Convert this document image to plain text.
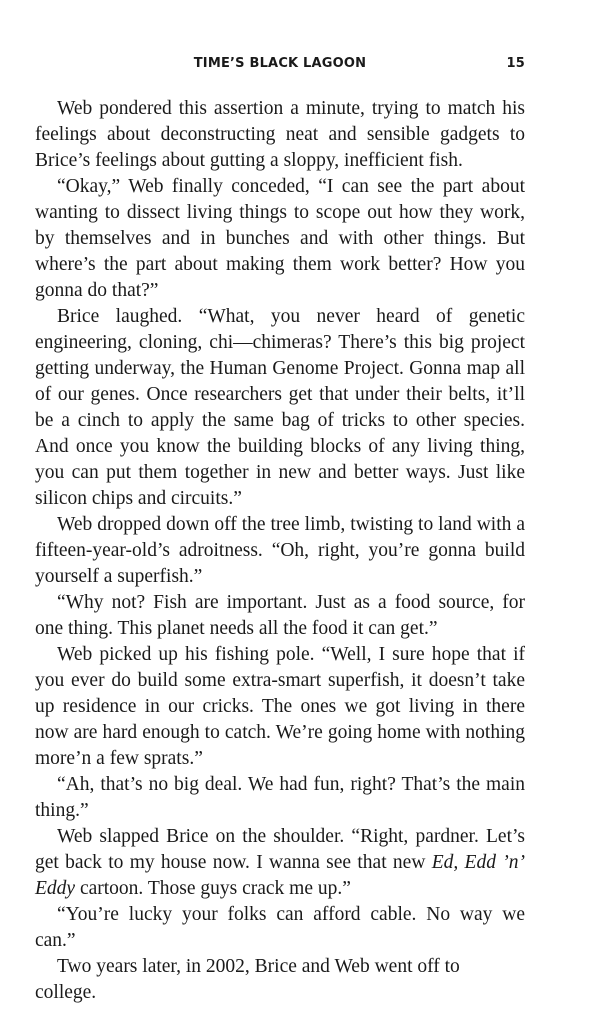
TIME’S BLACK LAGOON	15

Web pondered this assertion a minute, trying to match his feelings about deconstructing neat and sensible gadgets to Brice’s feelings about gutting a sloppy, inefficient fish.

“Okay,” Web finally conceded, “I can see the part about wanting to dissect living things to scope out how they work, by themselves and in bunches and with other things. But where’s the part about making them work better? How you gonna do that?”

Brice laughed. “What, you never heard of genetic engineering, cloning, chi—chimeras? There’s this big project getting underway, the Human Genome Project. Gonna map all of our genes. Once researchers get that under their belts, it’ll be a cinch to apply the same bag of tricks to other species. And once you know the building blocks of any living thing, you can put them together in new and better ways. Just like silicon chips and circuits.”

Web dropped down off the tree limb, twisting to land with a fifteen-year-old’s adroitness. “Oh, right, you’re gonna build yourself a superfish.”

“Why not? Fish are important. Just as a food source, for one thing. This planet needs all the food it can get.”

Web picked up his fishing pole. “Well, I sure hope that if you ever do build some extra-smart superfish, it doesn’t take up residence in our cricks. The ones we got living in there now are hard enough to catch. We’re going home with nothing more’n a few sprats.”

“Ah, that’s no big deal. We had fun, right? That’s the main thing.”

Web slapped Brice on the shoulder. “Right, pardner. Let’s get back to my house now. I wanna see that new Ed, Edd ’n’ Eddy cartoon. Those guys crack me up.”

“You’re lucky your folks can afford cable. No way we can.”

Two years later, in 2002, Brice and Web went off to college.
